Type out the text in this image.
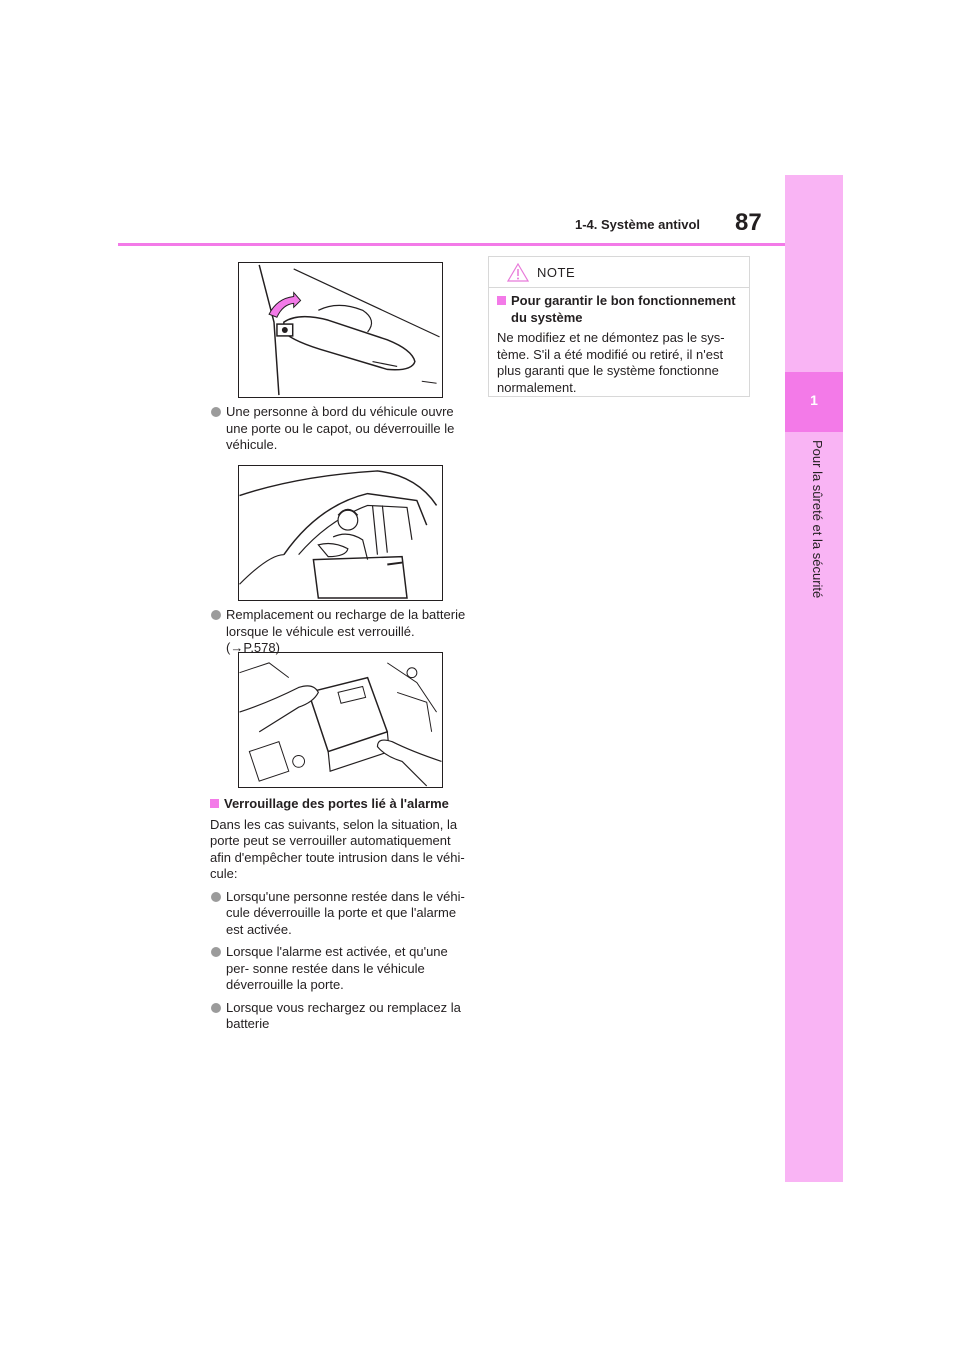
1
Pour la sûreté et la sécurité
1-4. Système antivol 87

Une personne à bord du véhicule ouvre une porte ou le capot, ou déverrouille le véhicule.

Remplacement ou recharge de la batterie lorsque le véhicule est verrouillé. (→P.578)

Verrouillage des portes lié à l'alarme

Dans les cas suivants, selon la situation, la porte peut se verrouiller automatiquement afin d'empêcher toute intrusion dans le véhi- cule:

Lorsqu'une personne restée dans le véhi- cule déverrouille la porte et que l'alarme est activée.

Lorsque l'alarme est activée, et qu'une per- sonne restée dans le véhicule déverrouille la porte.

Lorsque vous rechargez ou remplacez la batterie

NOTE

Pour garantir le bon fonctionnement du système

Ne modifiez et ne démontez pas le sys- tème. S'il a été modifié ou retiré, il n'est plus garanti que le système fonctionne normalement.
